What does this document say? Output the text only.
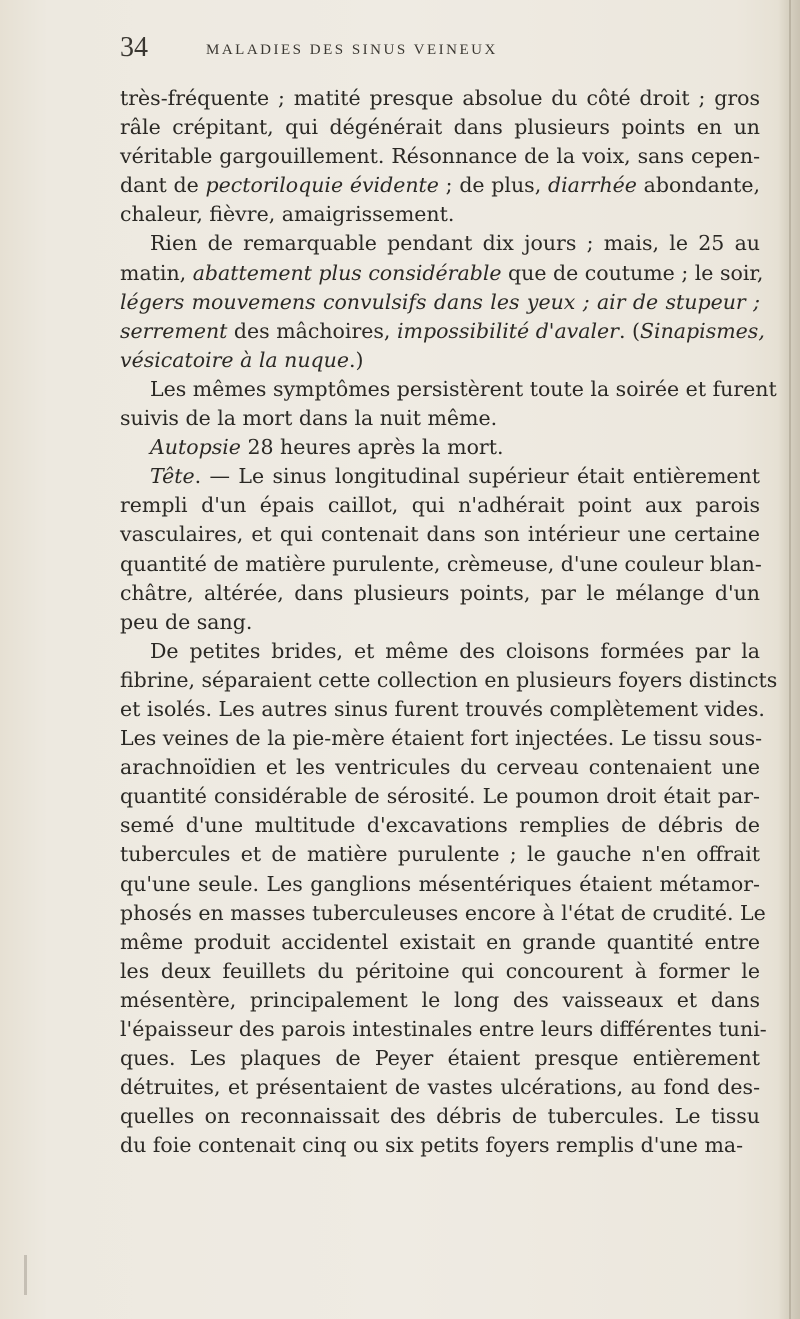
34	MALADIES DES SINUS VEINEUX

très-fréquente ; matité presque absolue du côté droit ; gros
râle crépitant, qui dégénérait dans plusieurs points en un
véritable gargouillement. Résonnance de la voix, sans cepen-
dant de pectoriloquie évidente ; de plus, diarrhée abondante,
chaleur, fièvre, amaigrissement.

Rien de remarquable pendant dix jours ; mais, le 25 au
matin, abattement plus considérable que de coutume ; le soir,
légers mouvemens convulsifs dans les yeux ; air de stupeur ;
serrement des mâchoires, impossibilité d'avaler. (Sinapismes,
vésicatoire à la nuque.)

Les mêmes symptômes persistèrent toute la soirée et furent
suivis de la mort dans la nuit même.

Autopsie 28 heures après la mort.

Tête. — Le sinus longitudinal supérieur était entièrement
rempli d'un épais caillot, qui n'adhérait point aux parois
vasculaires, et qui contenait dans son intérieur une certaine
quantité de matière purulente, crèmeuse, d'une couleur blan-
châtre, altérée, dans plusieurs points, par le mélange d'un
peu de sang.

De petites brides, et même des cloisons formées par la
fibrine, séparaient cette collection en plusieurs foyers distincts
et isolés. Les autres sinus furent trouvés complètement vides.
Les veines de la pie-mère étaient fort injectées. Le tissu sous-
arachnoïdien et les ventricules du cerveau contenaient une
quantité considérable de sérosité. Le poumon droit était par-
semé d'une multitude d'excavations remplies de débris de
tubercules et de matière purulente ; le gauche n'en offrait
qu'une seule. Les ganglions mésentériques étaient métamor-
phosés en masses tuberculeuses encore à l'état de crudité. Le
même produit accidentel existait en grande quantité entre
les deux feuillets du péritoine qui concourent à former le
mésentère, principalement le long des vaisseaux et dans
l'épaisseur des parois intestinales entre leurs différentes tuni-
ques. Les plaques de Peyer étaient presque entièrement
détruites, et présentaient de vastes ulcérations, au fond des-
quelles on reconnaissait des débris de tubercules. Le tissu
du foie contenait cinq ou six petits foyers remplis d'une ma-
